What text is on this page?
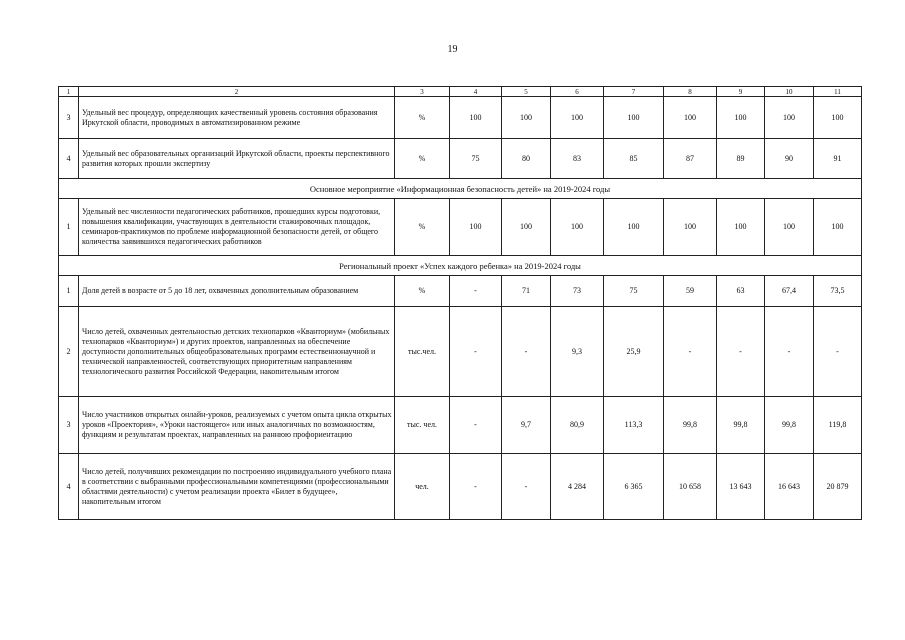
19
1	2	3	4	5	6	7	8	9	10	11
3	Удельный вес процедур, определяющих качественный уровень состояния образования Иркутской области, проводимых в автоматизированном режиме	%	100	100	100	100	100	100	100	100
4	Удельный вес образовательных организаций Иркутской области, проекты перспективного развития которых прошли экспертизу	%	75	80	83	85	87	89	90	91
Основное мероприятие «Информационная безопасность детей» на 2019-2024 годы										
1	Удельный вес численности педагогических работников, прошедших курсы подготовки, повышения квалификации, участвующих в деятельности стажировочных площадок, семинаров-практикумов по проблеме информационной безопасности детей, от общего количества заявившихся педагогических работников	%	100	100	100	100	100	100	100	100
Региональный проект «Успех каждого ребенка» на 2019-2024 годы										
1	Доля детей в возрасте от 5 до 18 лет, охваченных дополнительным образованием	%	-	71	73	75	59	63	67,4	73,5
2	Число детей, охваченных деятельностью детских технопарков «Кванториум» (мобильных технопарков «Кванториум») и других проектов, направленных на обеспечение доступности дополнительных общеобразовательных программ естественнонаучной и технической направленностей, соответствующих приоритетным направлениям технологического развития Российской Федерации, накопительным итогом	тыс.чел.	-	-	9,3	25,9	-	-	-	-
3	Число участников открытых онлайн-уроков, реализуемых с учетом опыта цикла открытых уроков «Проектория», «Уроки настоящего» или иных аналогичных по возможностям, функциям и результатам проектах, направленных на раннюю профориентацию	тыс. чел.	-	9,7	80,9	113,3	99,8	99,8	99,8	119,8
4	Число детей, получивших рекомендации по построению индивидуального учебного плана в соответствии с выбранными профессиональными компетенциями (профессиональными областями деятельности) с учетом реализации проекта «Билет в будущее», накопительным итогом	чел.	-	-	4 284	6 365	10 658	13 643	16 643	20 879
